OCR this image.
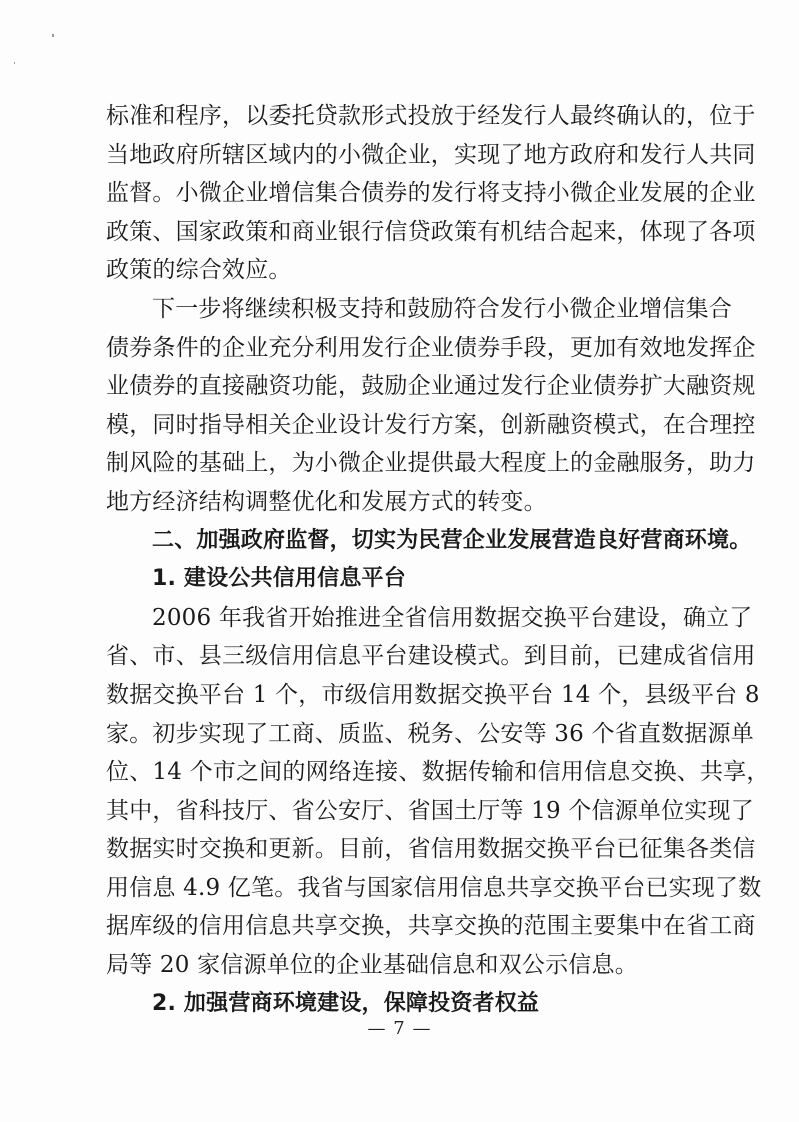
标准和程序，以委托贷款形式投放于经发行人最终确认的，位于
当地政府所辖区域内的小微企业，实现了地方政府和发行人共同
监督。小微企业增信集合债券的发行将支持小微企业发展的企业
政策、国家政策和商业银行信贷政策有机结合起来，体现了各项
政策的综合效应。
下一步将继续积极支持和鼓励符合发行小微企业增信集合
债券条件的企业充分利用发行企业债券手段，更加有效地发挥企
业债券的直接融资功能，鼓励企业通过发行企业债券扩大融资规
模，同时指导相关企业设计发行方案，创新融资模式，在合理控
制风险的基础上，为小微企业提供最大程度上的金融服务，助力
地方经济结构调整优化和发展方式的转变。
二、加强政府监督，切实为民营企业发展营造良好营商环境。
1. 建设公共信用信息平台
2006 年我省开始推进全省信用数据交换平台建设，确立了
省、市、县三级信用信息平台建设模式。到目前，已建成省信用
数据交换平台 1 个，市级信用数据交换平台 14 个，县级平台 8
家。初步实现了工商、质监、税务、公安等 36 个省直数据源单
位、14 个市之间的网络连接、数据传输和信用信息交换、共享，
其中，省科技厅、省公安厅、省国土厅等 19 个信源单位实现了
数据实时交换和更新。目前，省信用数据交换平台已征集各类信
用信息 4.9 亿笔。我省与国家信用信息共享交换平台已实现了数
据库级的信用信息共享交换，共享交换的范围主要集中在省工商
局等 20 家信源单位的企业基础信息和双公示信息。
2. 加强营商环境建设，保障投资者权益
— 7 —
